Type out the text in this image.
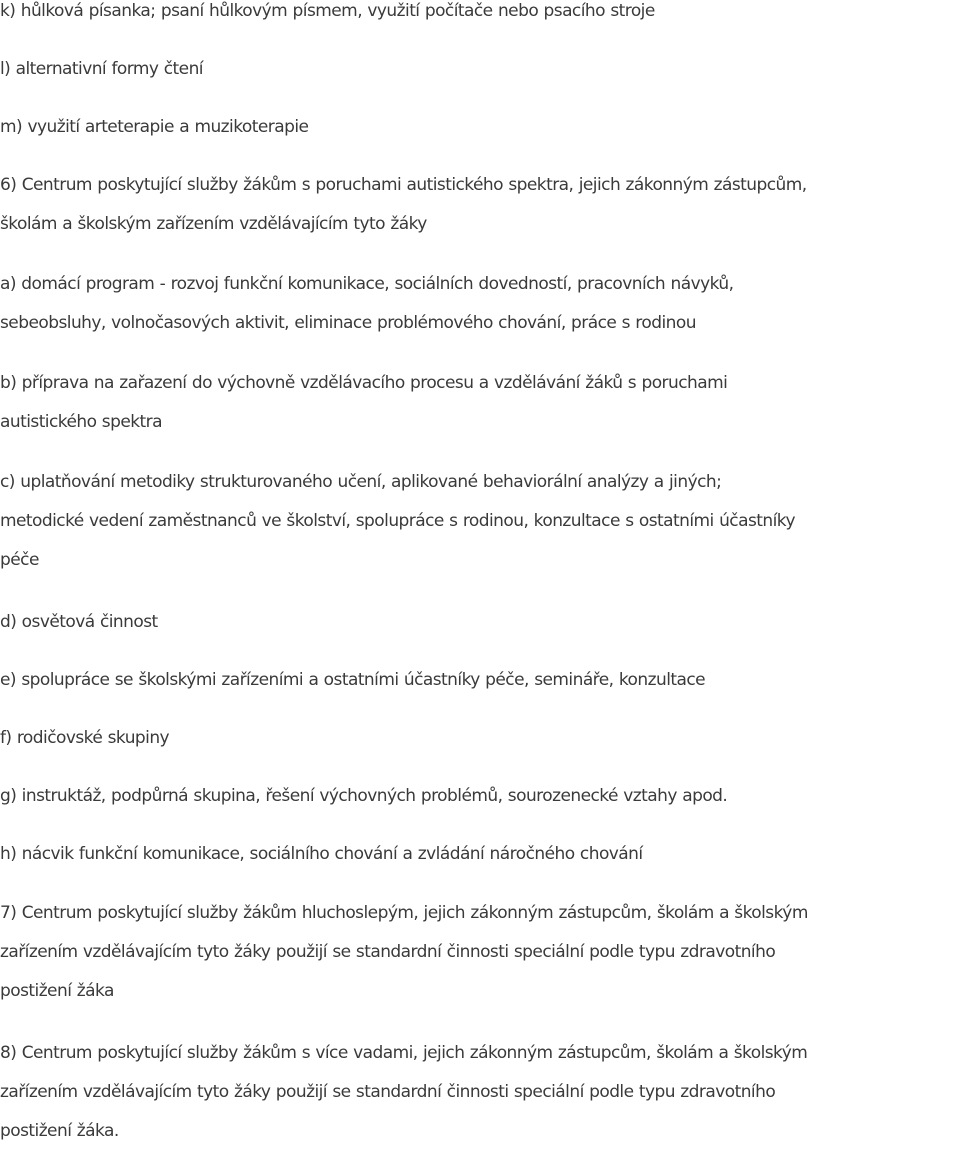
k) hůlková písanka; psaní hůlkovým písmem, využití počítače nebo psacího stroje

l) alternativní formy čtení

m) využití arteterapie a muzikoterapie

6) Centrum poskytující služby žákům s poruchami autistického spektra, jejich zákonným zástupcům,
školám a školským zařízením vzdělávajícím tyto žáky

a) domácí program - rozvoj funkční komunikace, sociálních dovedností, pracovních návyků,
sebeobsluhy, volnočasových aktivit, eliminace problémového chování, práce s rodinou

b) příprava na zařazení do výchovně vzdělávacího procesu a vzdělávání žáků s poruchami
autistického spektra

c) uplatňování metodiky strukturovaného učení, aplikované behaviorální analýzy a jiných;
metodické vedení zaměstnanců ve školství, spolupráce s rodinou, konzultace s ostatními účastníky
péče

d) osvětová činnost

e) spolupráce se školskými zařízeními a ostatními účastníky péče, semináře, konzultace

f) rodičovské skupiny

g) instruktáž, podpůrná skupina, řešení výchovných problémů, sourozenecké vztahy apod.

h) nácvik funkční komunikace, sociálního chování a zvládání náročného chování

7) Centrum poskytující služby žákům hluchoslepým, jejich zákonným zástupcům, školám a školským
zařízením vzdělávajícím tyto žáky použijí se standardní činnosti speciální podle typu zdravotního
postižení žáka

8) Centrum poskytující služby žákům s více vadami, jejich zákonným zástupcům, školám a školským
zařízením vzdělávajícím tyto žáky použijí se standardní činnosti speciální podle typu zdravotního
postižení žáka.
